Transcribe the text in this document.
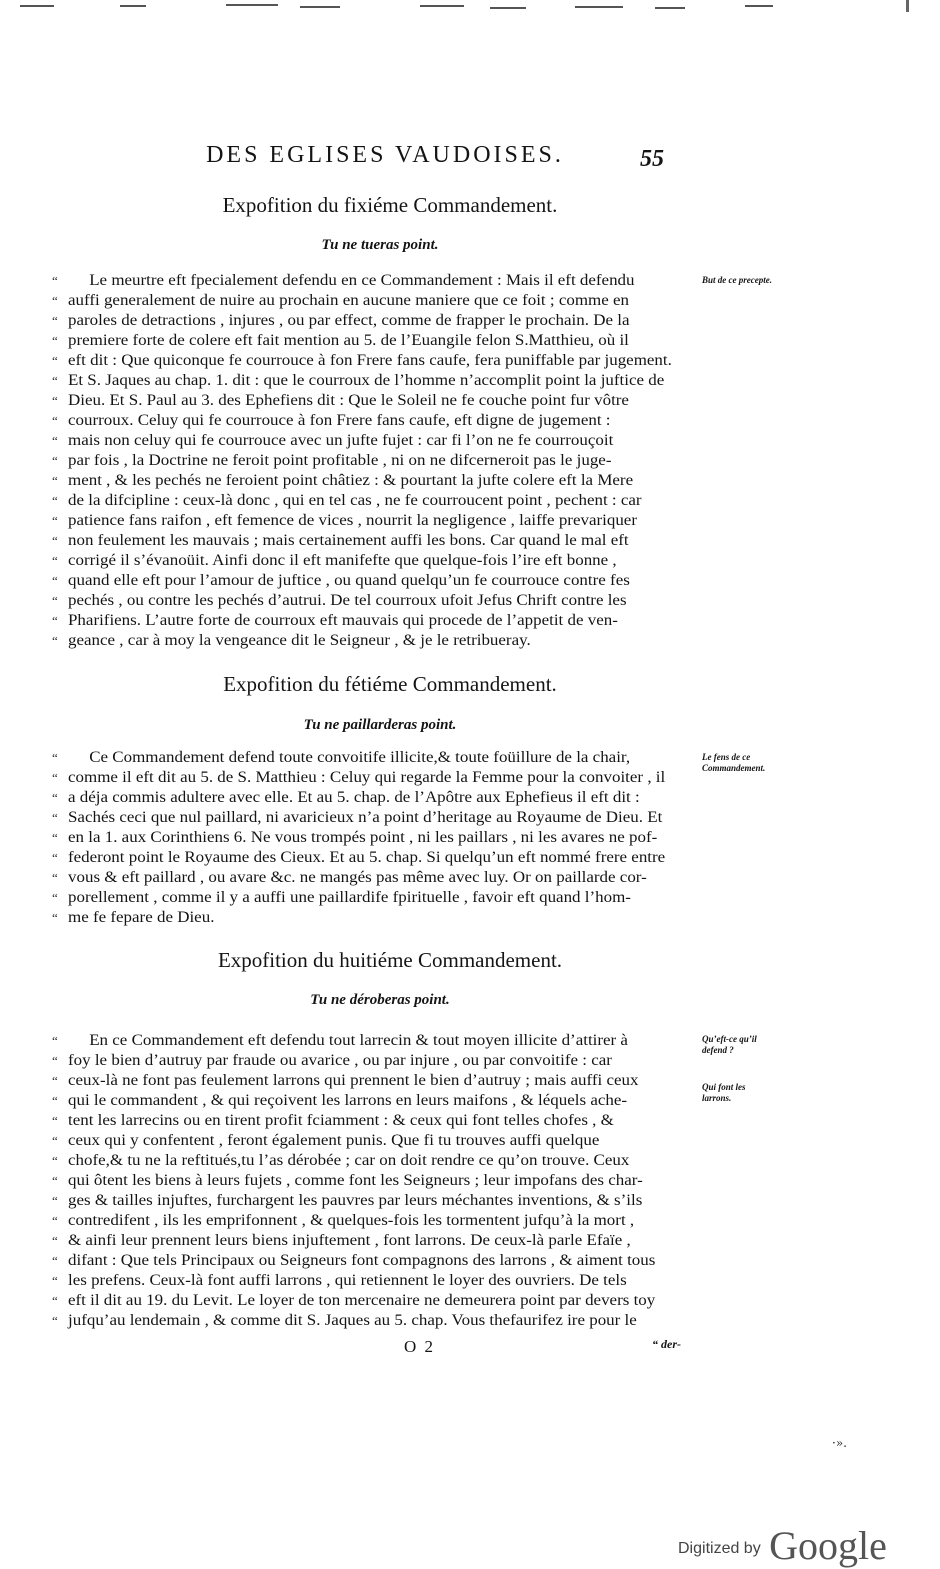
DES EGLISES VAUDOISES.	55
Expofition du fixiéme Commandement.
Tu ne tueras point.
“ Le meurtre eft fpecialement defendu en ce Commandement : Mais il eft defendu
“ auffi generalement de nuire au prochain en aucune maniere que ce foit ; comme en
“ paroles de detractions , injures , ou par effect, comme de frapper le prochain. De la
“ premiere forte de colere eft fait mention au 5. de l’Euangile felon S.Matthieu, où il
“ eft dit : Que quiconque fe courrouce à fon Frere fans caufe, fera puniffable par jugement.
“ Et S. Jaques au chap. 1. dit : que le courroux de l’homme n’accomplit point la juftice de
“ Dieu. Et S. Paul au 3. des Ephefiens dit : Que le Soleil ne fe couche point fur vôtre
“ courroux. Celuy qui fe courrouce à fon Frere fans caufe, eft digne de jugement :
“ mais non celuy qui fe courrouce avec un jufte fujet : car fi l’on ne fe courrouçoit
“ par fois , la Doctrine ne feroit point profitable , ni on ne difcerneroit pas le juge-
“ ment , & les pechés ne feroient point châtiez : & pourtant la jufte colere eft la Mere
“ de la difcipline : ceux-là donc , qui en tel cas , ne fe courroucent point , pechent : car
“ patience fans raifon , eft femence de vices , nourrit la negligence , laiffe prevariquer
“ non feulement les mauvais ; mais certainement auffi les bons. Car quand le mal eft
“ corrigé il s’évanoüit. Ainfi donc il eft manifefte que quelque-fois l’ire eft bonne ,
“ quand elle eft pour l’amour de juftice , ou quand quelqu’un fe courrouce contre fes
“ pechés , ou contre les pechés d’autrui. De tel courroux ufoit Jefus Chrift contre les
“ Pharifiens. L’autre forte de courroux eft mauvais qui procede de l’appetit de ven-
“ geance , car à moy la vengeance dit le Seigneur , & je le retribueray.
But de ce precepte.
Expofition du fétiéme Commandement.
Tu ne paillarderas point.
“ Ce Commandement defend toute convoitife illicite,& toute foüillure de la chair,
“ comme il eft dit au 5. de S. Matthieu : Celuy qui regarde la Femme pour la convoiter , il
“ a déja commis adultere avec elle. Et au 5. chap. de l’Apôtre aux Ephefieus il eft dit :
“ Sachés ceci que nul paillard, ni avaricieux n’a point d’heritage au Royaume de Dieu. Et
“ en la 1. aux Corinthiens 6. Ne vous trompés point , ni les paillars , ni les avares ne pof-
“ federont point le Royaume des Cieux. Et au 5. chap. Si quelqu’un eft nommé frere entre
“ vous & eft paillard , ou avare &c. ne mangés pas même avec luy. Or on paillarde cor-
“ porellement , comme il y a auffi une paillardife fpirituelle , favoir eft quand l’hom-
“ me fe fepare de Dieu.
Le fens de ce Commandement.
Expofition du huitiéme Commandement.
Tu ne déroberas point.
“ En ce Commandement eft defendu tout larrecin & tout moyen illicite d’attirer à
“ foy le bien d’autruy par fraude ou avarice , ou par injure , ou par convoitife : car
“ ceux-là ne font pas feulement larrons qui prennent le bien d’autruy ; mais auffi ceux
“ qui le commandent , & qui reçoivent les larrons en leurs maifons , & léquels ache-
“ tent les larrecins ou en tirent profit fciamment : & ceux qui font telles chofes , &
“ ceux qui y confentent , feront également punis. Que fi tu trouves auffi quelque
“ chofe,& tu ne la reftitués,tu l’as dérobée ; car on doit rendre ce qu’on trouve. Ceux
“ qui ôtent les biens à leurs fujets , comme font les Seigneurs ; leur impofans des char-
“ ges & tailles injuftes, furchargent les pauvres par leurs méchantes inventions, & s’ils
“ contredifent , ils les emprifonnent , & quelques-fois les tormentent jufqu’à la mort ,
“ & ainfi leur prennent leurs biens injuftement , font larrons. De ceux-là parle Efaïe ,
“ difant : Que tels Principaux ou Seigneurs font compagnons des larrons , & aiment tous
“ les prefens. Ceux-là font auffi larrons , qui retiennent le loyer des ouvriers. De tels
“ eft il dit au 19. du Levit. Le loyer de ton mercenaire ne demeurera point par devers toy
“ jufqu’au lendemain , & comme dit S. Jaques au 5. chap. Vous thefaurifez ire pour le
Qu’eft-ce qu’il defend ?
Qui font les larrons.
O 2	“ der-
·».
Digitized by Google
